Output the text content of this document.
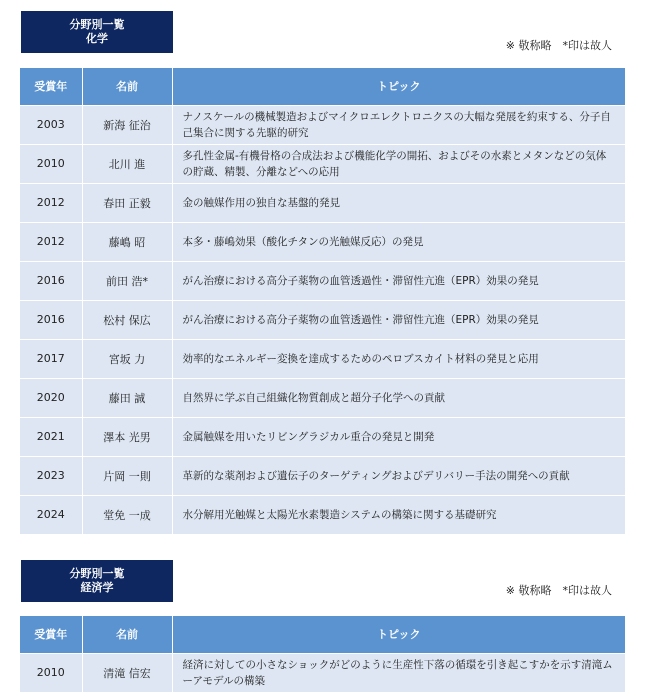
分野別一覧
化学
※ 敬称略　*印は故人
受賞年	名前	トピック
2003	新海 征治	ナノスケールの機械製造およびマイクロエレクトロニクスの大幅な発展を約束する、分子自己集合に関する先駆的研究
2010	北川 進	多孔性金属-有機骨格の合成法および機能化学の開拓、およびその水素とメタンなどの気体の貯蔵、精製、分離などへの応用
2012	春田 正毅	金の触媒作用の独自な基盤的発見
2012	藤嶋 昭	本多・藤嶋効果（酸化チタンの光触媒反応）の発見
2016	前田 浩*	がん治療における高分子薬物の血管透過性・滞留性亢進（EPR）効果の発見
2016	松村 保広	がん治療における高分子薬物の血管透過性・滞留性亢進（EPR）効果の発見
2017	宮坂 力	効率的なエネルギー変換を達成するためのペロブスカイト材料の発見と応用
2020	藤田 誠	自然界に学ぶ自己組織化物質創成と超分子化学への貢献
2021	澤本 光男	金属触媒を用いたリビングラジカル重合の発見と開発
2023	片岡 一則	革新的な薬剤および遺伝子のターゲティングおよびデリバリー手法の開発への貢献
2024	堂免 一成	水分解用光触媒と太陽光水素製造システムの構築に関する基礎研究
分野別一覧
経済学	※ 敬称略　*印は故人
受賞年	名前	トピック
2010	清滝 信宏	経済に対しての小さなショックがどのように生産性下落の循環を引き起こすかを示す清滝ムーアモデルの構築
